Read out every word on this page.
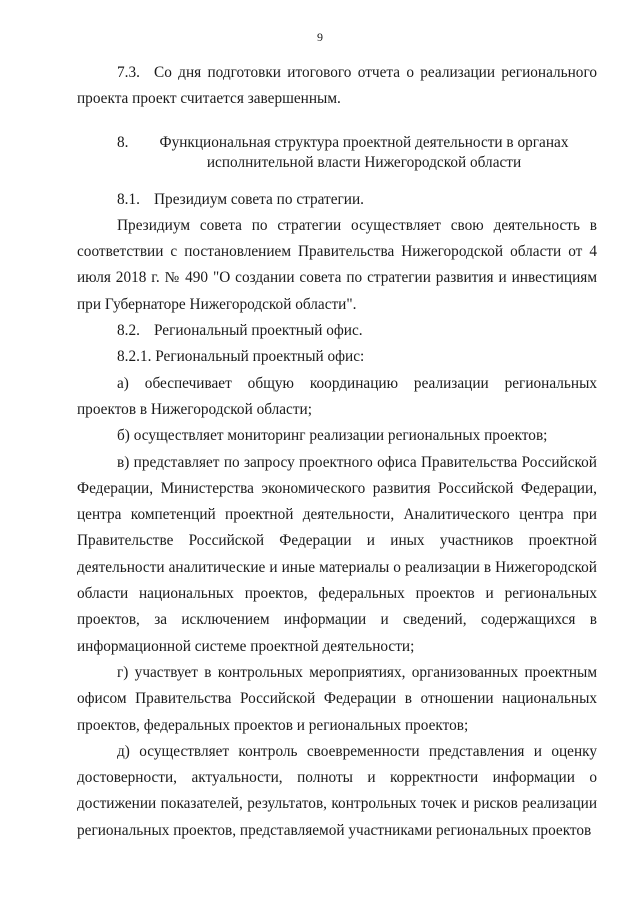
9

7.3. Со дня подготовки итогового отчета о реализации регионального проекта проект считается завершенным.

8. Функциональная структура проектной деятельности в органах исполнительной власти Нижегородской области

8.1. Президиум совета по стратегии.

Президиум совета по стратегии осуществляет свою деятельность в соответствии с постановлением Правительства Нижегородской области от 4 июля 2018 г. № 490 "О создании совета по стратегии развития и инвестициям при Губернаторе Нижегородской области".

8.2. Региональный проектный офис.

8.2.1. Региональный проектный офис:

а) обеспечивает общую координацию реализации региональных проектов в Нижегородской области;

б) осуществляет мониторинг реализации региональных проектов;

в) представляет по запросу проектного офиса Правительства Российской Федерации, Министерства экономического развития Российской Федерации, центра компетенций проектной деятельности, Аналитического центра при Правительстве Российской Федерации и иных участников проектной деятельности аналитические и иные материалы о реализации в Нижегородской области национальных проектов, федеральных проектов и региональных проектов, за исключением информации и сведений, содержащихся в информационной системе проектной деятельности;

г) участвует в контрольных мероприятиях, организованных проектным офисом Правительства Российской Федерации в отношении национальных проектов, федеральных проектов и региональных проектов;

д) осуществляет контроль своевременности представления и оценку достоверности, актуальности, полноты и корректности информации о достижении показателей, результатов, контрольных точек и рисков реализации региональных проектов, представляемой участниками региональных проектов
